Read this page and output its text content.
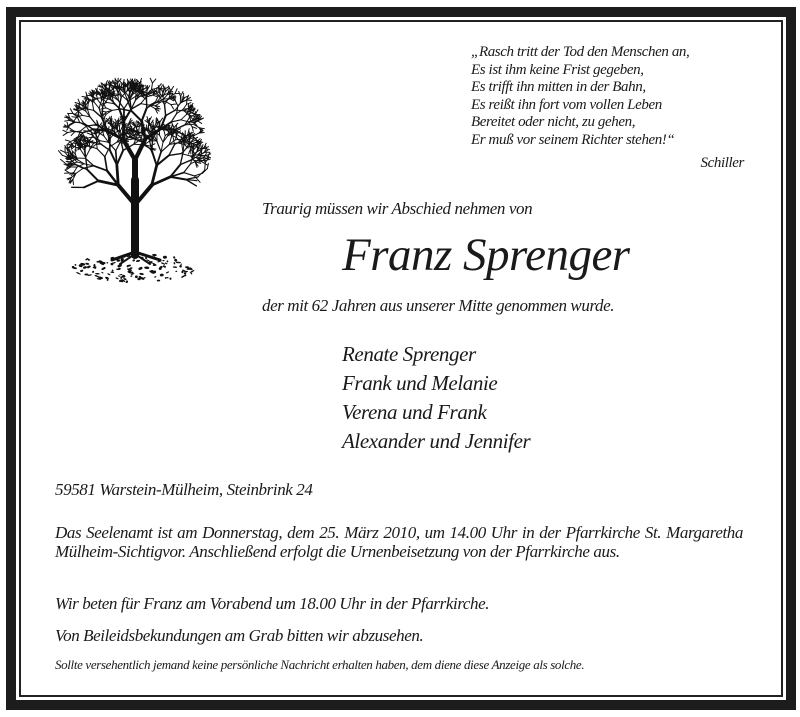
„Rasch tritt der Tod den Menschen an,
Es ist ihm keine Frist gegeben,
Es trifft ihn mitten in der Bahn,
Es reißt ihn fort vom vollen Leben
Bereitet oder nicht, zu gehen,
Er muß vor seinem Richter stehen!“
Schiller
Traurig müssen wir Abschied nehmen von
Franz Sprenger
der mit 62 Jahren aus unserer Mitte genommen wurde.
Renate Sprenger
Frank und Melanie
Verena und Frank
Alexander und Jennifer
59581 Warstein-Mülheim, Steinbrink 24
Das Seelenamt ist am Donnerstag, dem 25. März 2010, um 14.00 Uhr in der Pfarrkirche St. Margaretha Mülheim-Sichtigvor. Anschließend erfolgt die Urnenbeisetzung von der Pfarrkirche aus.
Wir beten für Franz am Vorabend um 18.00 Uhr in der Pfarrkirche.
Von Beileidsbekundungen am Grab bitten wir abzusehen.
Sollte versehentlich jemand keine persönliche Nachricht erhalten haben, dem diene diese Anzeige als solche.
